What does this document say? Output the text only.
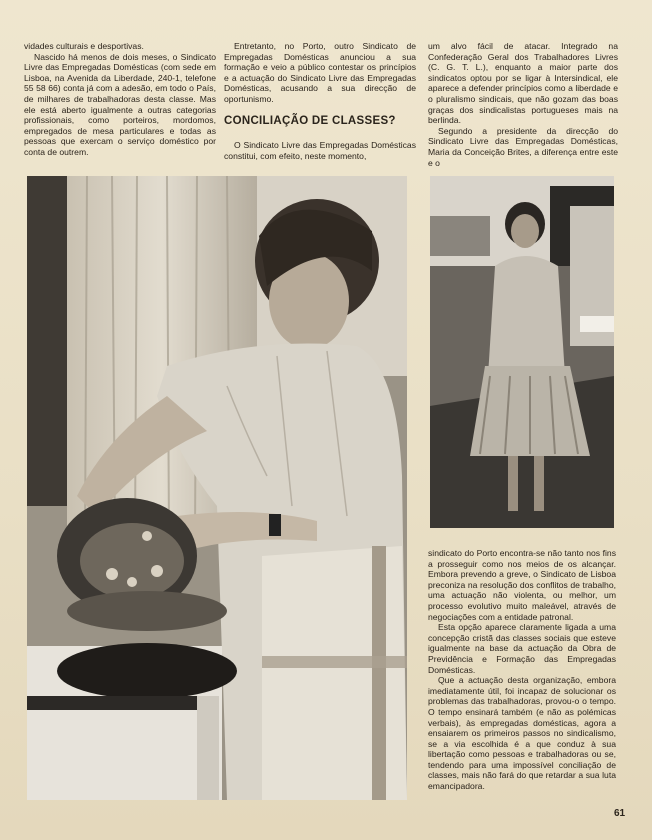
vidades culturais e desportivas.

Nascido há menos de dois meses, o Sindicato Livre das Empregadas Domésticas (com sede em Lisboa, na Avenida da Liberdade, 240-1, telefone 55 58 66) conta já com a adesão, em todo o País, de milhares de trabalhadoras desta classe. Mas ele está aberto igualmente a outras categorias profissionais, como porteiros, mordomos, empregados de mesa particulares e todas as pessoas que exercam o serviço doméstico por conta de outrem.

Entretanto, no Porto, outro Sindicato de Empregadas Domésticas anunciou a sua formação e veio a público contestar os princípios e a actuação do Sindicato Livre das Empregadas Domésticas, acusando a sua direcção de oportunismo.

CONCILIAÇÃO DE CLASSES?

O Sindicato Livre das Empregadas Domésticas constitui, com efeito, neste momento,

um alvo fácil de atacar. Integrado na Confederação Geral dos Trabalhadores Livres (C. G. T. L.), enquanto a maior parte dos sindicatos optou por se ligar à Intersindical, ele aparece a defender princípios como a liberdade e o pluralismo sindicais, que não gozam das boas graças dos sindicalistas portugueses mais na berlinda.

Segundo a presidente da direcção do Sindicato Livre das Empregadas Domésticas, Maria da Conceição Brites, a diferença entre este e o

sindicato do Porto encontra-se não tanto nos fins a prosseguir como nos meios de os alcançar. Embora prevendo a greve, o Sindicato de Lisboa preconiza na resolução dos conflitos de trabalho, uma actuação não violenta, ou melhor, um processo evolutivo muito maleável, através de negociações com a entidade patronal.

Esta opção aparece claramente ligada a uma concepção cristã das classes sociais que esteve igualmente na base da actuação da Obra de Previdência e Formação das Empregadas Domésticas.

Que a actuação desta organização, embora imediatamente útil, foi incapaz de solucionar os problemas das trabalhadoras, provou-o o tempo. O tempo ensinará também (e não as polémicas verbais), às empregadas domésticas, agora a ensaiarem os primeiros passos no sindicalismo, se a via escolhida é a que conduz à sua libertação como pessoas e trabalhadoras ou se, tendendo para uma impossível conciliação de classes, mais não fará do que retardar a sua luta emancipadora.

61
